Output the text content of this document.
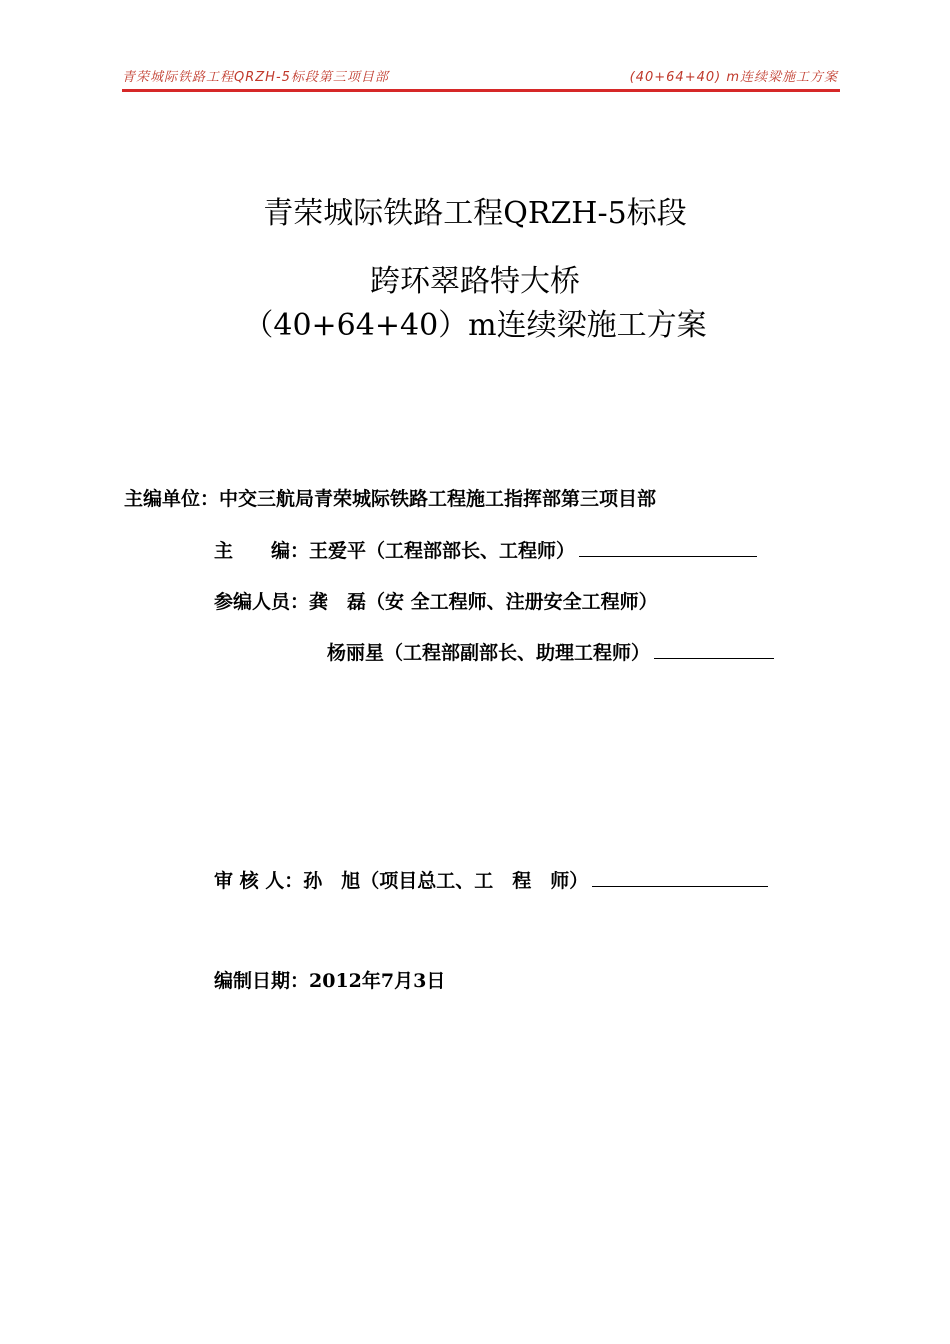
青荣城际铁路工程QRZH-5标段第三项目部	(40+64+40) m连续梁施工方案
青荣城际铁路工程QRZH-5标段
跨环翠路特大桥
（40+64+40）m连续梁施工方案
主编单位：中交三航局青荣城际铁路工程施工指挥部第三项目部
主　　编：王爱平（工程部部长、工程师）
参编人员：龚　磊（安 全工程师、注册安全工程师）
杨丽星（工程部副部长、助理工程师）
审 核 人：孙　旭（项目总工、工　程　师）
编制日期：2012年7月3日
